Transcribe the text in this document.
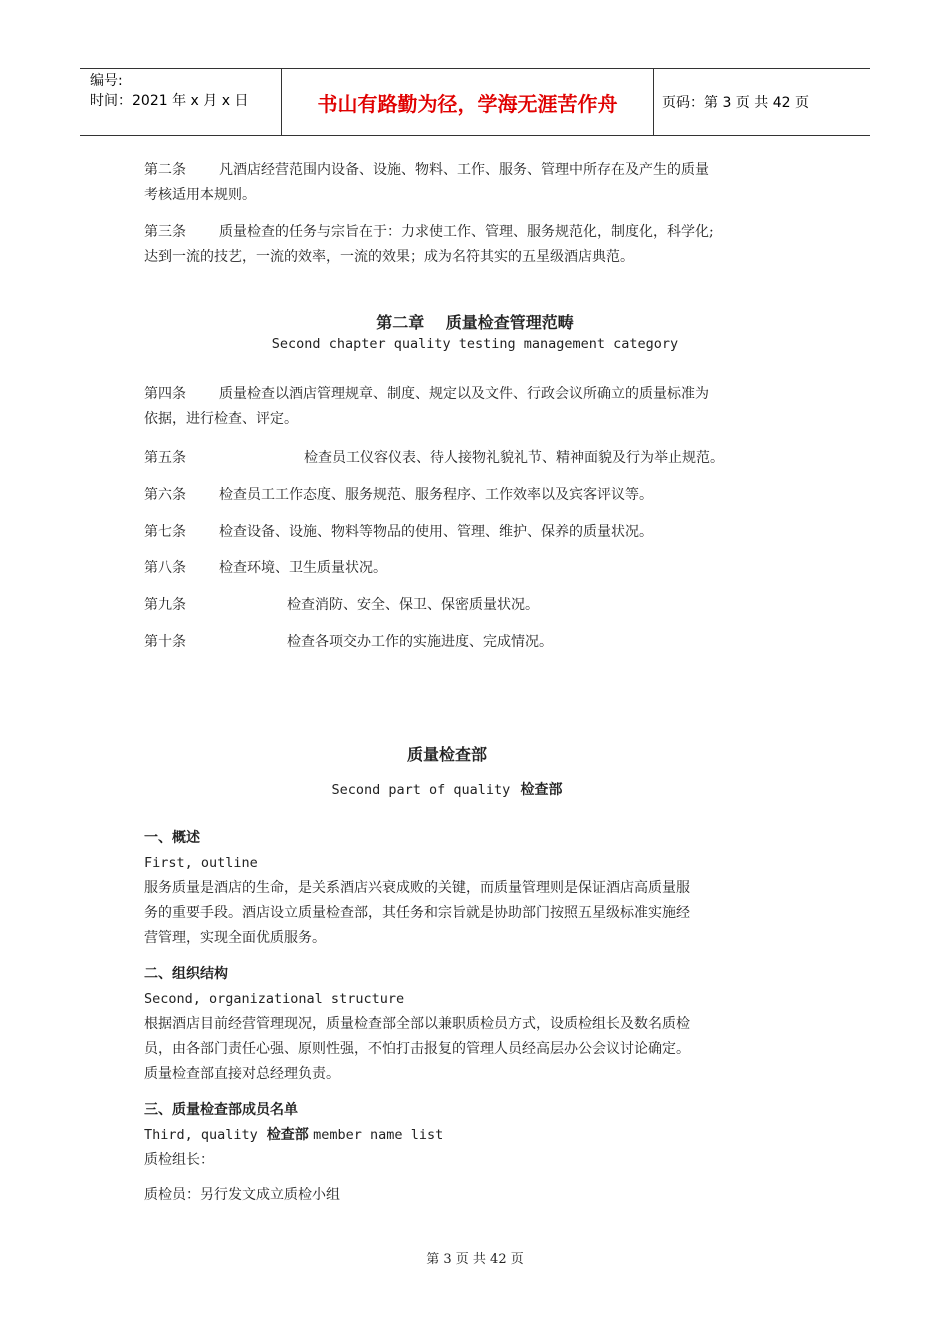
编号:
时间：2021 年 x 月 x 日	书山有路勤为径，学海无涯苦作舟	页码：第 3 页 共 42 页

第二条 凡酒店经营范围内设备、设施、物料、工作、服务、管理中所存在及产生的质量

考核适用本规则。

第三条 质量检查的任务与宗旨在于：力求使工作、管理、服务规范化，制度化，科学化;

达到一流的技艺，一流的效率，一流的效果；成为名符其实的五星级酒店典范。

第二章 　质量检查管理范畴
Second chapter quality testing management category

第四条 质量检查以酒店管理规章、制度、规定以及文件、行政会议所确立的质量标准为

依据，进行检查、评定。

第五条	检查员工仪容仪表、待人接物礼貌礼节、精神面貌及行为举止规范。
第六条 检查员工工作态度、服务规范、服务程序、工作效率以及宾客评议等。
第七条 检查设备、设施、物料等物品的使用、管理、维护、保养的质量状况。
第八条 检查环境、卫生质量状况。
第九条	检查消防、安全、保卫、保密质量状况。
第十条	检查各项交办工作的实施进度、完成情况。
质量检查部
Second part of quality 检查部

一、概述

First, outline

服务质量是酒店的生命，是关系酒店兴衰成败的关键，而质量管理则是保证酒店高质量服

务的重要手段。酒店设立质量检查部，其任务和宗旨就是协助部门按照五星级标准实施经

营管理，实现全面优质服务。

二、组织结构

Second, organizational structure

根据酒店目前经营管理现况，质量检查部全部以兼职质检员方式，设质检组长及数名质检

员，由各部门责任心强、原则性强，不怕打击报复的管理人员经高层办公会议讨论确定。

质量检查部直接对总经理负责。

三、质量检查部成员名单

Third, quality 检查部 member name list

质检组长：

质检员：另行发文成立质检小组

第 3 页 共 42 页
